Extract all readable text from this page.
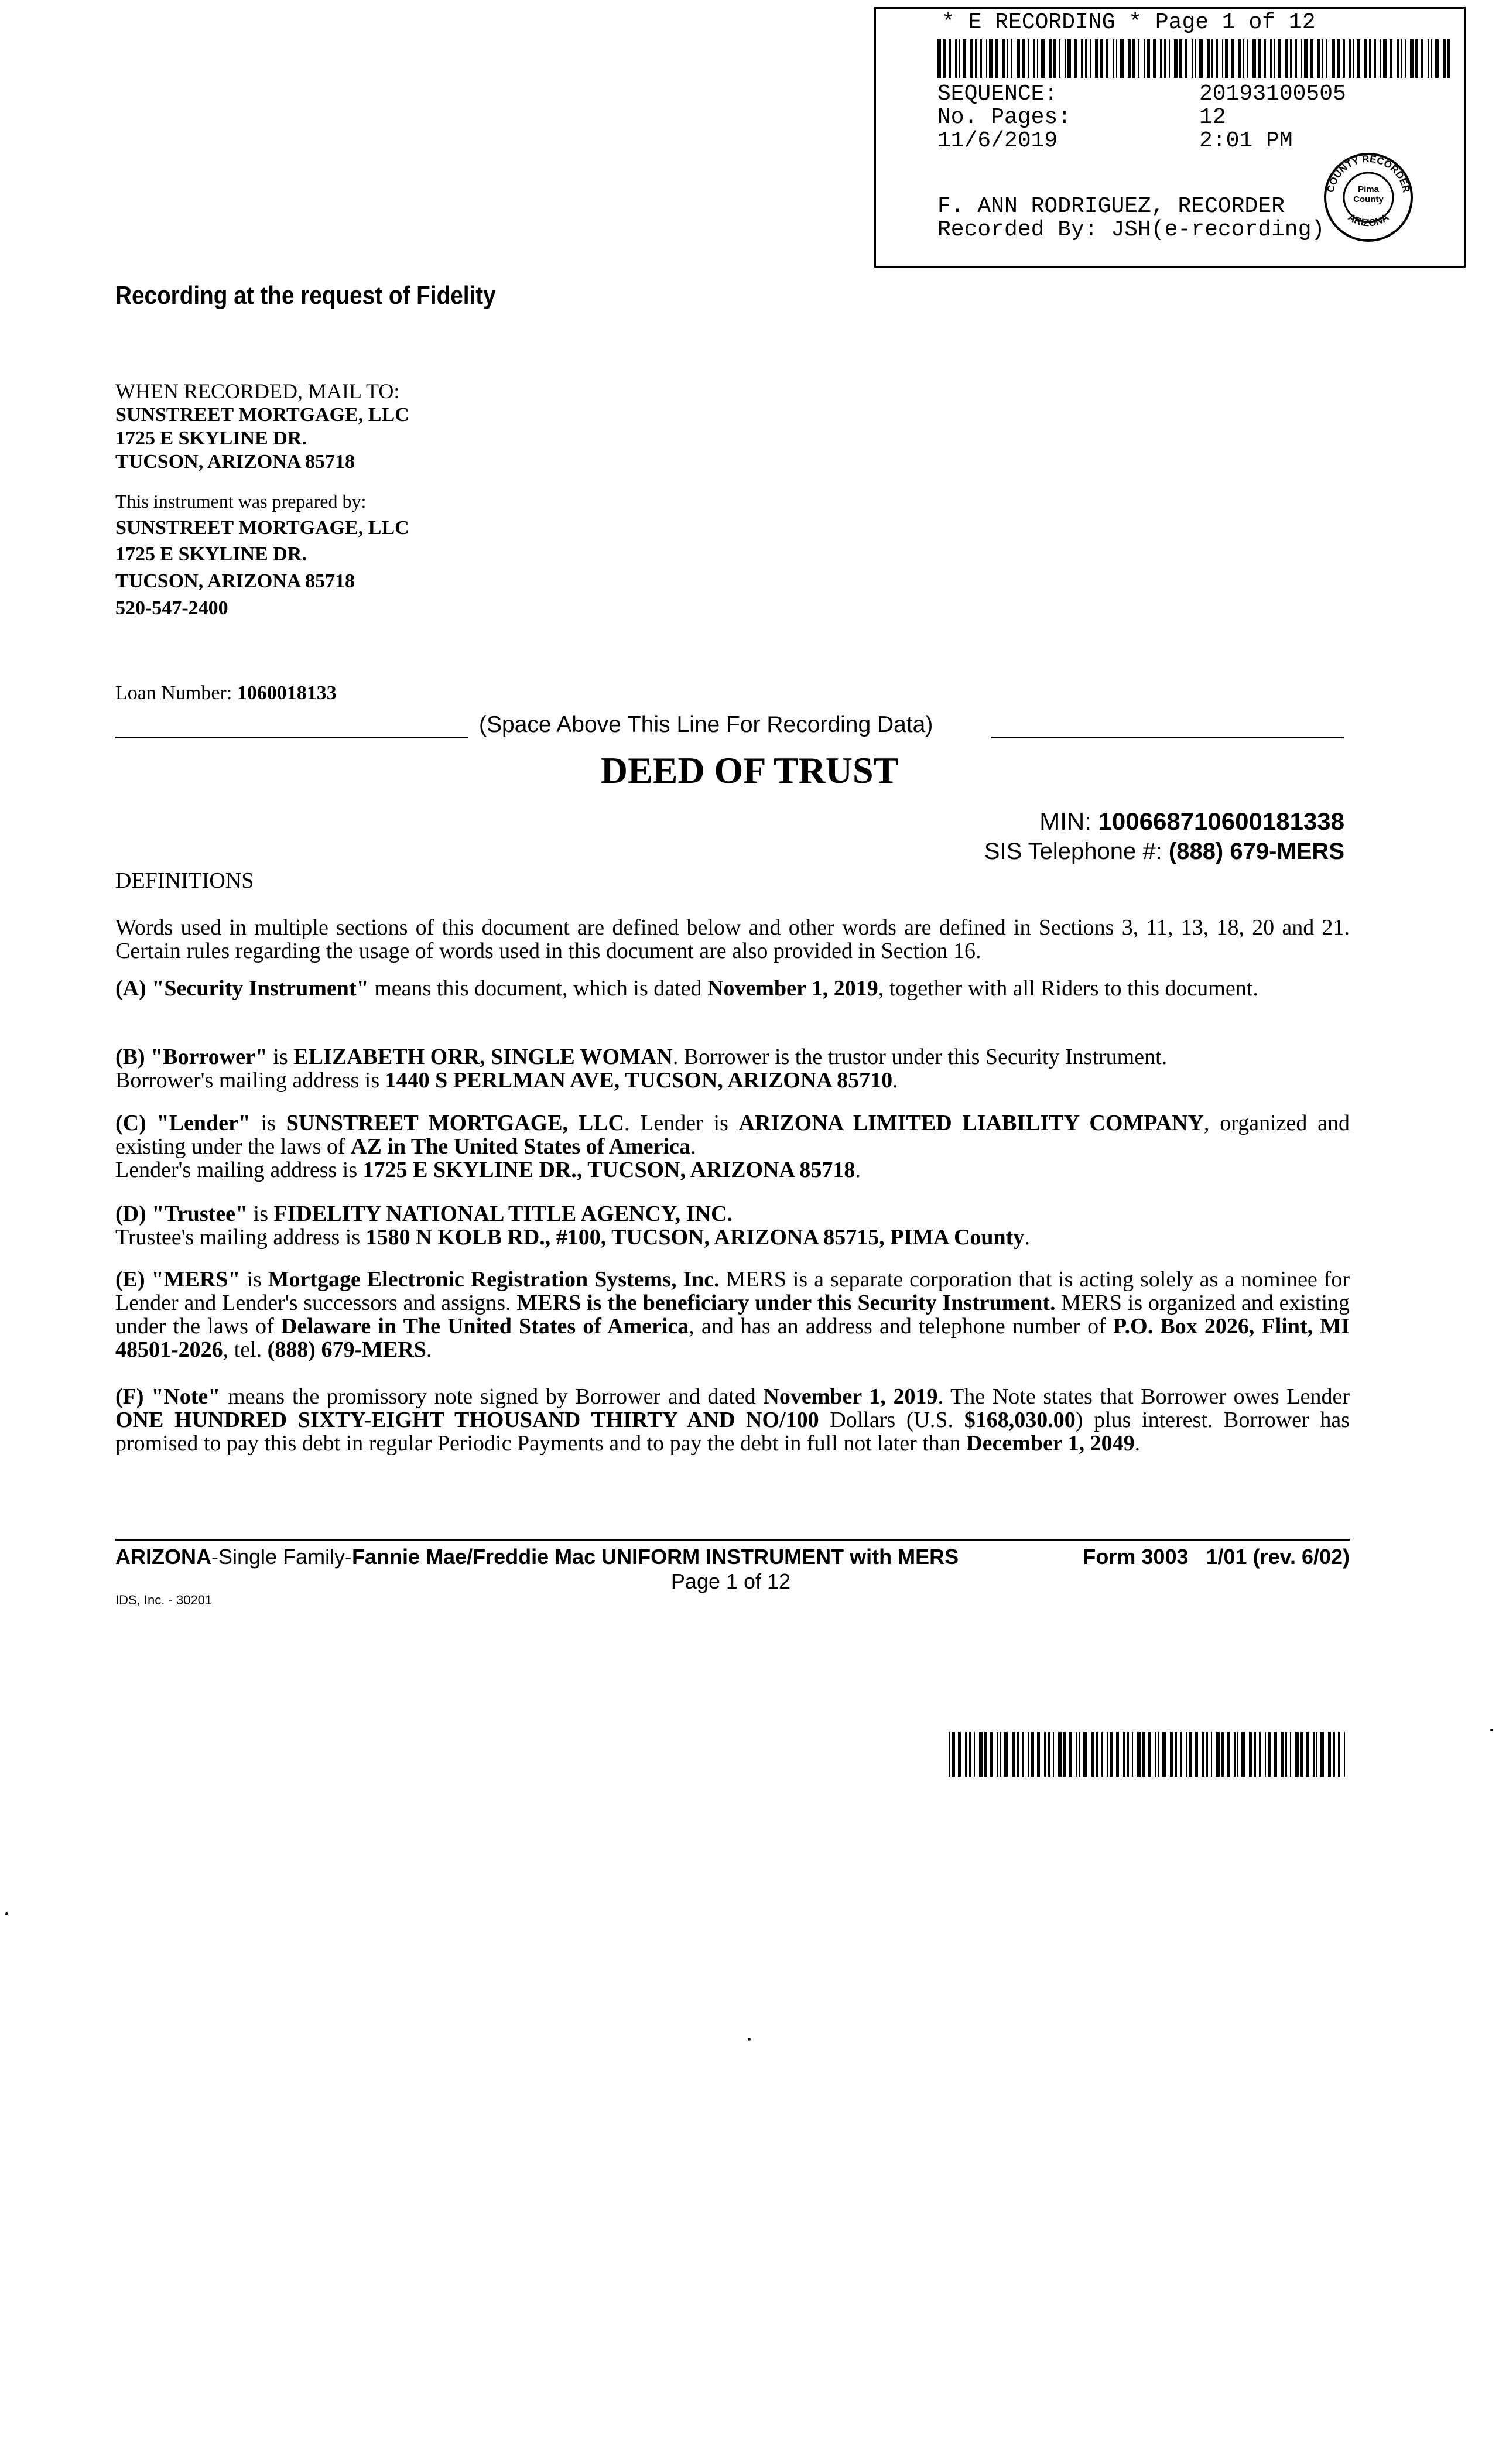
* E RECORDING * Page 1 of 12
SEQUENCE:	20193100505
No. Pages:	12
11/6/2019	2:01 PM
F. ANN RODRIGUEZ, RECORDER
Recorded By: JSH(e-recording)
COUNTY RECORDER
ARIZONA
Pima County
Recording at the request of Fidelity
WHEN RECORDED, MAIL TO:
SUNSTREET MORTGAGE, LLC
1725 E SKYLINE DR.
TUCSON, ARIZONA 85718
This instrument was prepared by:
SUNSTREET MORTGAGE, LLC
1725 E SKYLINE DR.
TUCSON, ARIZONA 85718
520-547-2400
Loan Number: 1060018133
(Space Above This Line For Recording Data)
DEED OF TRUST
MIN: 100668710600181338
SIS Telephone #: (888) 679-MERS
DEFINITIONS

Words used in multiple sections of this document are defined below and other words are defined in Sections 3, 11, 13, 18, 20 and 21. Certain rules regarding the usage of words used in this document are also provided in Section 16.

(A) "Security Instrument" means this document, which is dated November 1, 2019, together with all Riders to this document.

(B) "Borrower" is ELIZABETH ORR, SINGLE WOMAN. Borrower is the trustor under this Security Instrument.

Borrower's mailing address is 1440 S PERLMAN AVE, TUCSON, ARIZONA 85710.

(C) "Lender" is SUNSTREET MORTGAGE, LLC. Lender is ARIZONA LIMITED LIABILITY COMPANY, organized and existing under the laws of AZ in The United States of America.

Lender's mailing address is 1725 E SKYLINE DR., TUCSON, ARIZONA 85718.

(D) "Trustee" is FIDELITY NATIONAL TITLE AGENCY, INC.

Trustee's mailing address is 1580 N KOLB RD., #100, TUCSON, ARIZONA 85715, PIMA County.

(E) "MERS" is Mortgage Electronic Registration Systems, Inc. MERS is a separate corporation that is acting solely as a nominee for Lender and Lender's successors and assigns. MERS is the beneficiary under this Security Instrument. MERS is organized and existing under the laws of Delaware in The United States of America, and has an address and telephone number of P.O. Box 2026, Flint, MI 48501-2026, tel. (888) 679-MERS.

(F) "Note" means the promissory note signed by Borrower and dated November 1, 2019. The Note states that Borrower owes Lender ONE HUNDRED SIXTY-EIGHT THOUSAND THIRTY AND NO/100 Dollars (U.S. $168,030.00) plus interest. Borrower has promised to pay this debt in regular Periodic Payments and to pay the debt in full not later than December 1, 2049.

ARIZONA-Single Family-Fannie Mae/Freddie Mac UNIFORM INSTRUMENT with MERS	Form 3003   1/01 (rev. 6/02)
Page 1 of 12
IDS, Inc. - 30201
